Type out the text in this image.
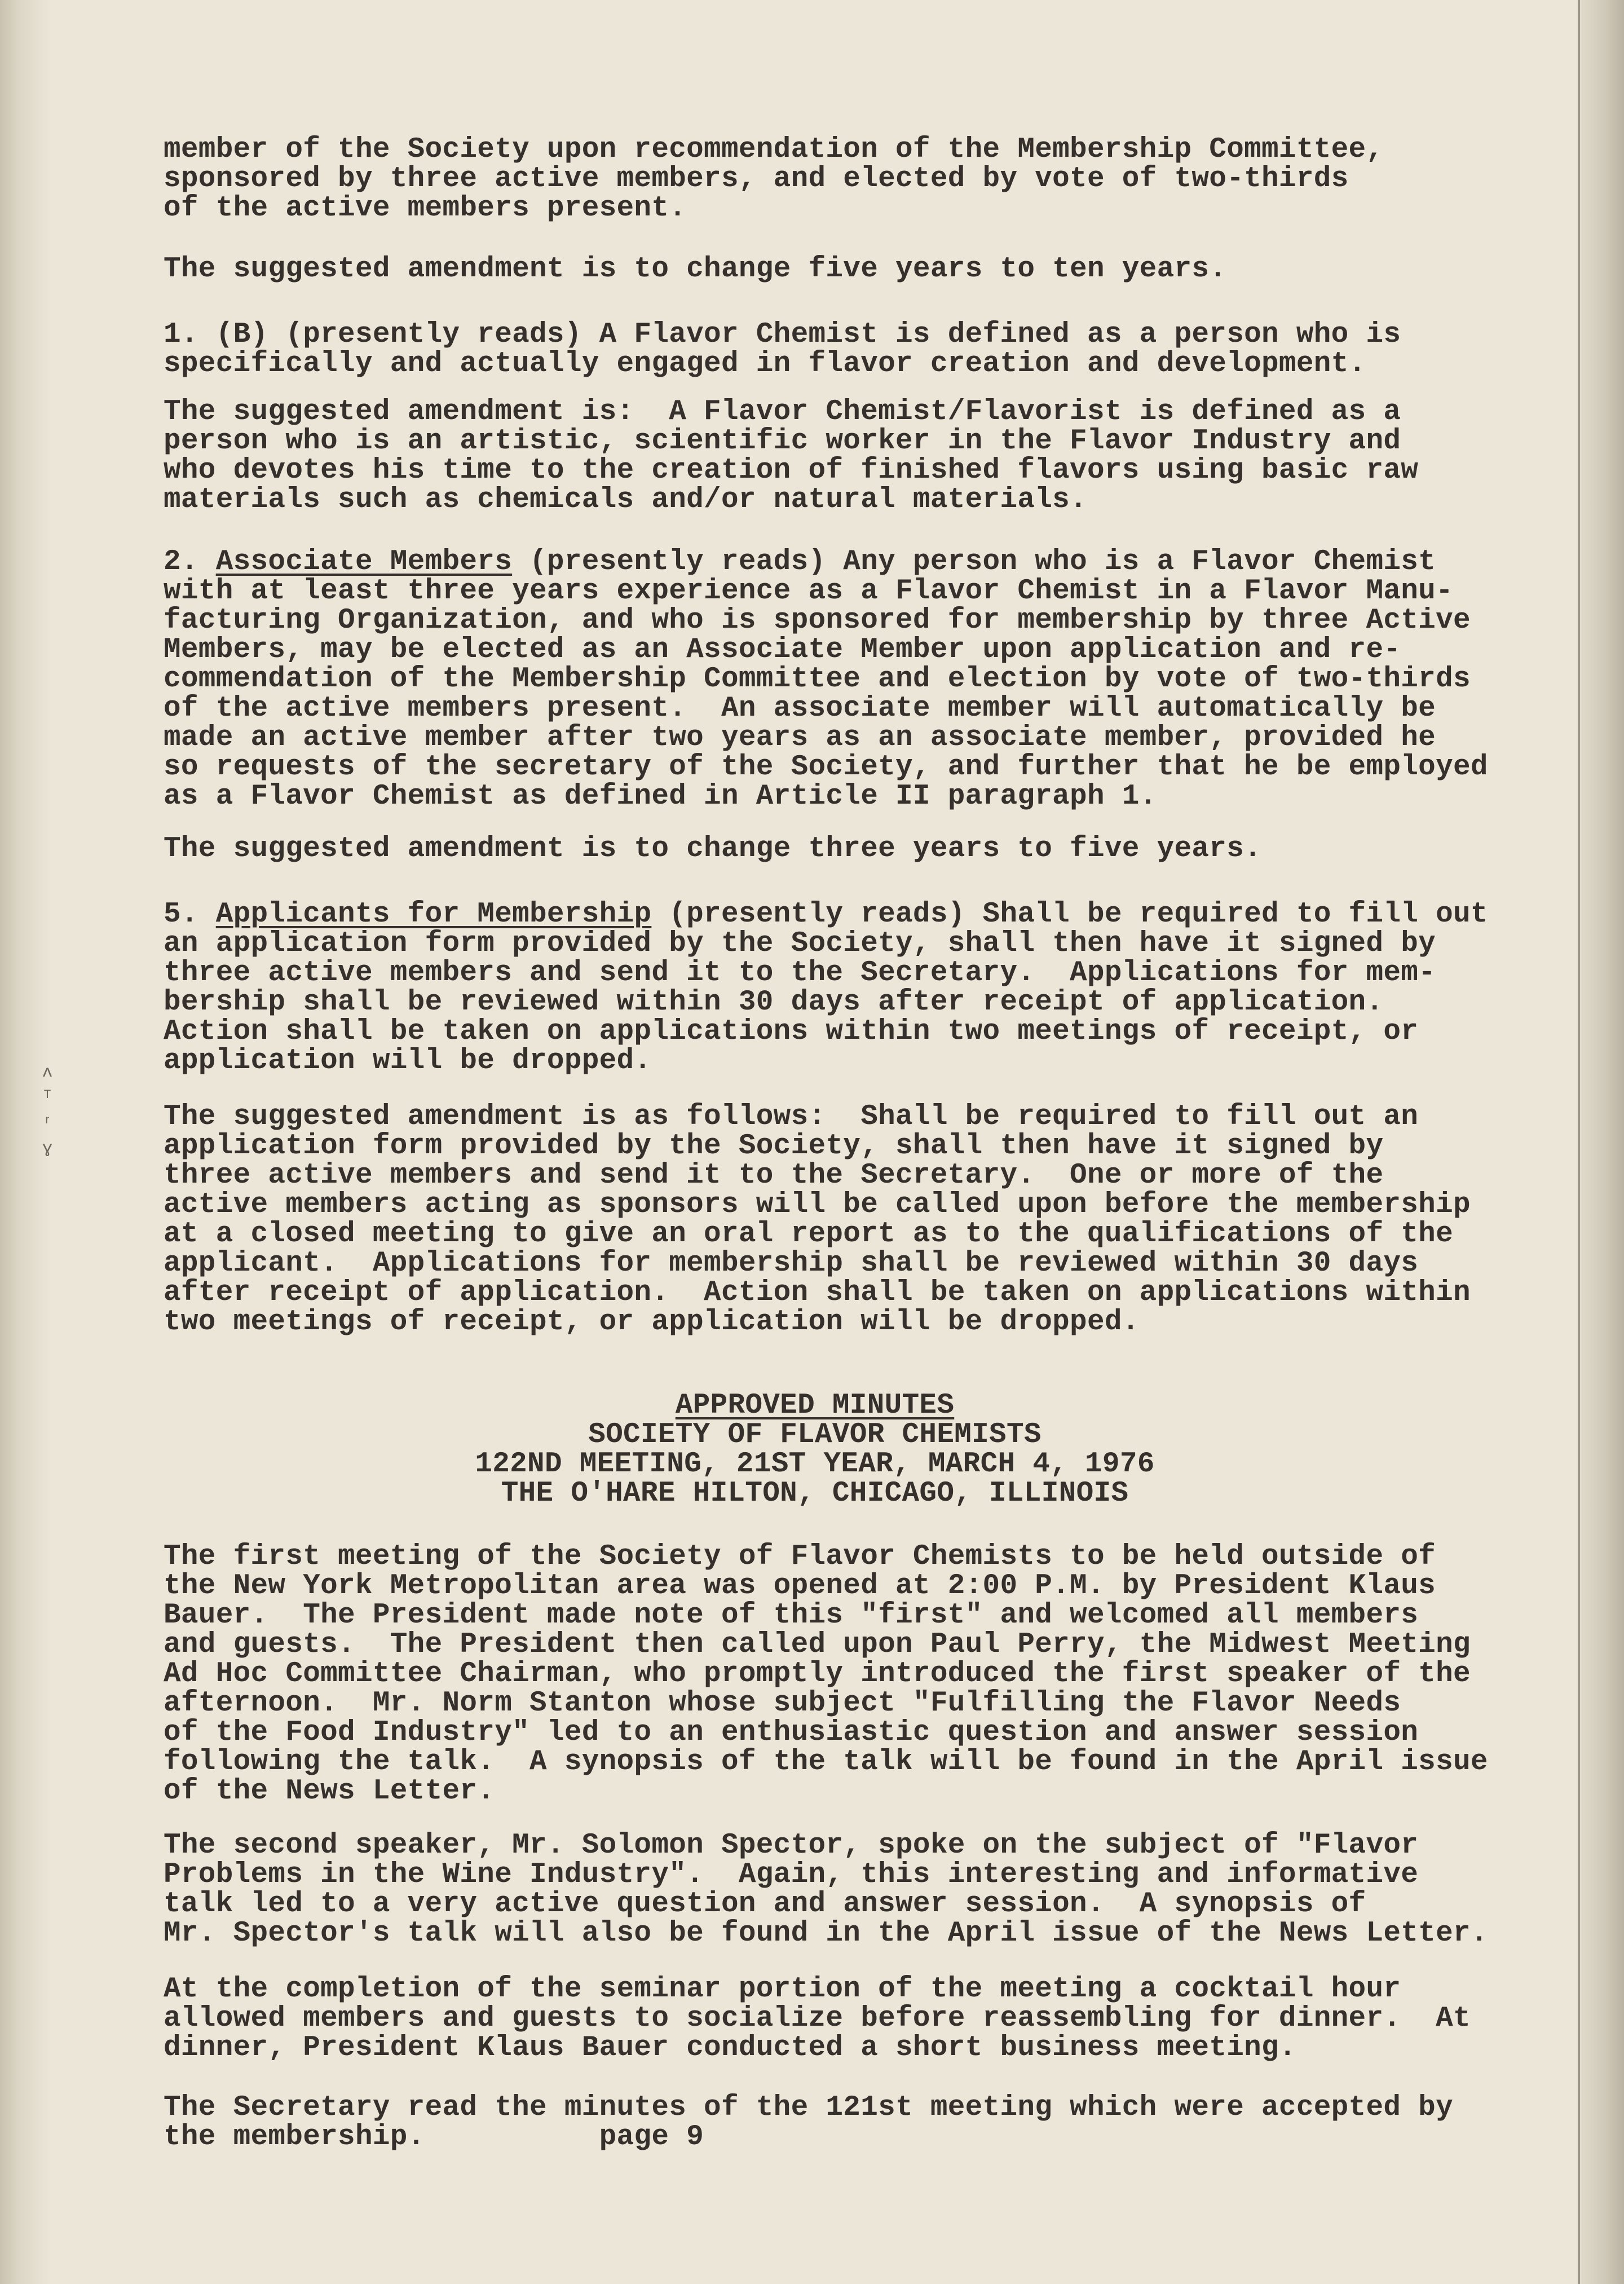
ʌ
ᵀ
ʳ
ɣ
member of the Society upon recommendation of the Membership Committee,
sponsored by three active members, and elected by vote of two-thirds
of the active members present.
The suggested amendment is to change five years to ten years.
1. (B) (presently reads) A Flavor Chemist is defined as a person who is
specifically and actually engaged in flavor creation and development.
The suggested amendment is:  A Flavor Chemist/Flavorist is defined as a
person who is an artistic, scientific worker in the Flavor Industry and
who devotes his time to the creation of finished flavors using basic raw
materials such as chemicals and/or natural materials.
2. Associate Members (presently reads) Any person who is a Flavor Chemist
with at least three years experience as a Flavor Chemist in a Flavor Manu-
facturing Organization, and who is sponsored for membership by three Active
Members, may be elected as an Associate Member upon application and re-
commendation of the Membership Committee and election by vote of two-thirds
of the active members present.  An associate member will automatically be
made an active member after two years as an associate member, provided he
so requests of the secretary of the Society, and further that he be employed
as a Flavor Chemist as defined in Article II paragraph 1.
The suggested amendment is to change three years to five years.
5. Applicants for Membership (presently reads) Shall be required to fill out
an application form provided by the Society, shall then have it signed by
three active members and send it to the Secretary.  Applications for mem-
bership shall be reviewed within 30 days after receipt of application.
Action shall be taken on applications within two meetings of receipt, or
application will be dropped.
The suggested amendment is as follows:  Shall be required to fill out an
application form provided by the Society, shall then have it signed by
three active members and send it to the Secretary.  One or more of the
active members acting as sponsors will be called upon before the membership
at a closed meeting to give an oral report as to the qualifications of the
applicant.  Applications for membership shall be reviewed within 30 days
after receipt of application.  Action shall be taken on applications within
two meetings of receipt, or application will be dropped.
APPROVED MINUTES
SOCIETY OF FLAVOR CHEMISTS
122ND MEETING, 21ST YEAR, MARCH 4, 1976
THE O'HARE HILTON, CHICAGO, ILLINOIS
The first meeting of the Society of Flavor Chemists to be held outside of
the New York Metropolitan area was opened at 2:00 P.M. by President Klaus
Bauer.  The President made note of this "first" and welcomed all members
and guests.  The President then called upon Paul Perry, the Midwest Meeting
Ad Hoc Committee Chairman, who promptly introduced the first speaker of the
afternoon.  Mr. Norm Stanton whose subject "Fulfilling the Flavor Needs
of the Food Industry" led to an enthusiastic question and answer session
following the talk.  A synopsis of the talk will be found in the April issue
of the News Letter.
The second speaker, Mr. Solomon Spector, spoke on the subject of "Flavor
Problems in the Wine Industry".  Again, this interesting and informative
talk led to a very active question and answer session.  A synopsis of
Mr. Spector's talk will also be found in the April issue of the News Letter.
At the completion of the seminar portion of the meeting a cocktail hour
allowed members and guests to socialize before reassembling for dinner.  At
dinner, President Klaus Bauer conducted a short business meeting.
The Secretary read the minutes of the 121st meeting which were accepted by
the membership.          page 9
